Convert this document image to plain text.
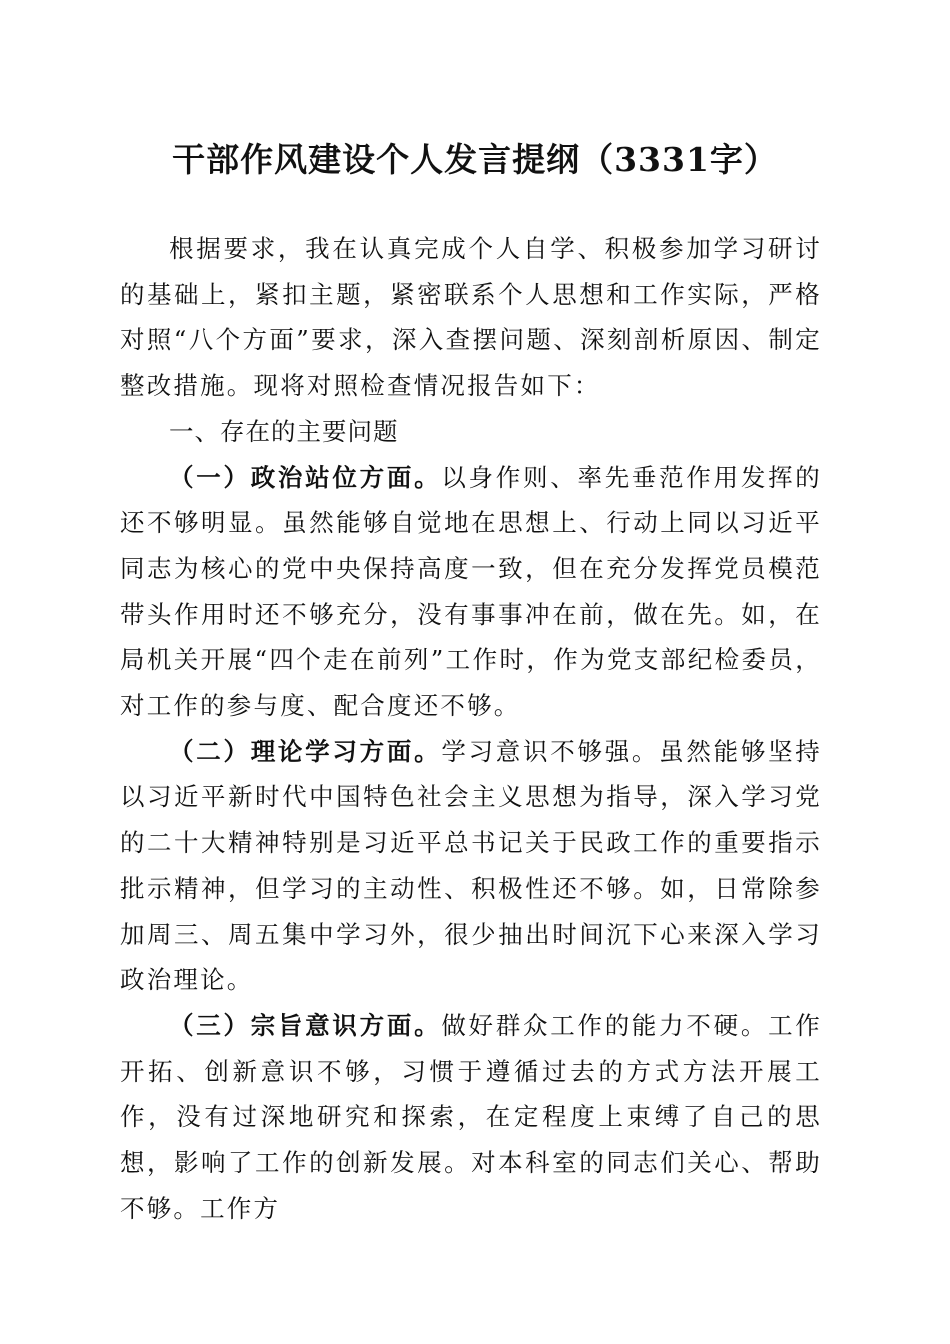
干部作风建设个人发言提纲（3331字）

根据要求，我在认真完成个人自学、积极参加学习研讨的基础上，紧扣主题，紧密联系个人思想和工作实际，严格对照“八个方面”要求，深入查摆问题、深刻剖析原因、制定整改措施。现将对照检查情况报告如下：

一、存在的主要问题

（一）政治站位方面。以身作则、率先垂范作用发挥的还不够明显。虽然能够自觉地在思想上、行动上同以习近平同志为核心的党中央保持高度一致，但在充分发挥党员模范带头作用时还不够充分，没有事事冲在前，做在先。如，在局机关开展“四个走在前列”工作时，作为党支部纪检委员，对工作的参与度、配合度还不够。

（二）理论学习方面。学习意识不够强。虽然能够坚持以习近平新时代中国特色社会主义思想为指导，深入学习党的二十大精神特别是习近平总书记关于民政工作的重要指示批示精神，但学习的主动性、积极性还不够。如，日常除参加周三、周五集中学习外，很少抽出时间沉下心来深入学习政治理论。

（三）宗旨意识方面。做好群众工作的能力不硬。工作开拓、创新意识不够，习惯于遵循过去的方式方法开展工作，没有过深地研究和探索，在定程度上束缚了自己的思想，影响了工作的创新发展。对本科室的同志们关心、帮助不够。工作方
